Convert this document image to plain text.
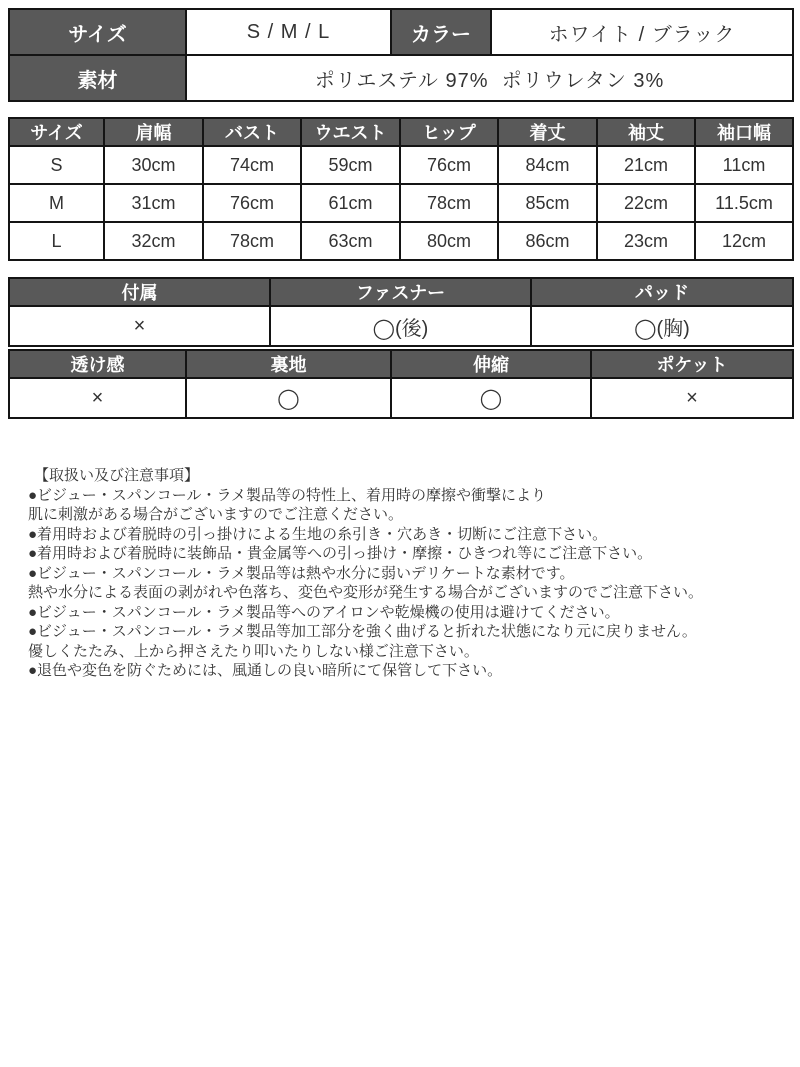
サイズ	S / M / L	カラー	ホワイト / ブラック
素材	ポリエステル 97%  ポリウレタン 3%		
サイズ	肩幅	バスト	ウエスト	ヒップ	着丈	袖丈	袖口幅
S	30cm	74cm	59cm	76cm	84cm	21cm	11cm
M	31cm	76cm	61cm	78cm	85cm	22cm	11.5cm
L	32cm	78cm	63cm	80cm	86cm	23cm	12cm
付属	ファスナー	パッド
×	◯(後)	◯(胸)
透け感	裏地	伸縮	ポケット
×	◯	◯	×
【取扱い及び注意事項】
●ビジュー・スパンコール・ラメ製品等の特性上、着用時の摩擦や衝撃により
肌に刺激がある場合がございますのでご注意ください。
●着用時および着脱時の引っ掛けによる生地の糸引き・穴あき・切断にご注意下さい。
●着用時および着脱時に装飾品・貴金属等への引っ掛け・摩擦・ひきつれ等にご注意下さい。
●ビジュー・スパンコール・ラメ製品等は熱や水分に弱いデリケートな素材です。
熱や水分による表面の剥がれや色落ち、変色や変形が発生する場合がございますのでご注意下さい。
●ビジュー・スパンコール・ラメ製品等へのアイロンや乾燥機の使用は避けてください。
●ビジュー・スパンコール・ラメ製品等加工部分を強く曲げると折れた状態になり元に戻りません。
優しくたたみ、上から押さえたり叩いたりしない様ご注意下さい。
●退色や変色を防ぐためには、風通しの良い暗所にて保管して下さい。
